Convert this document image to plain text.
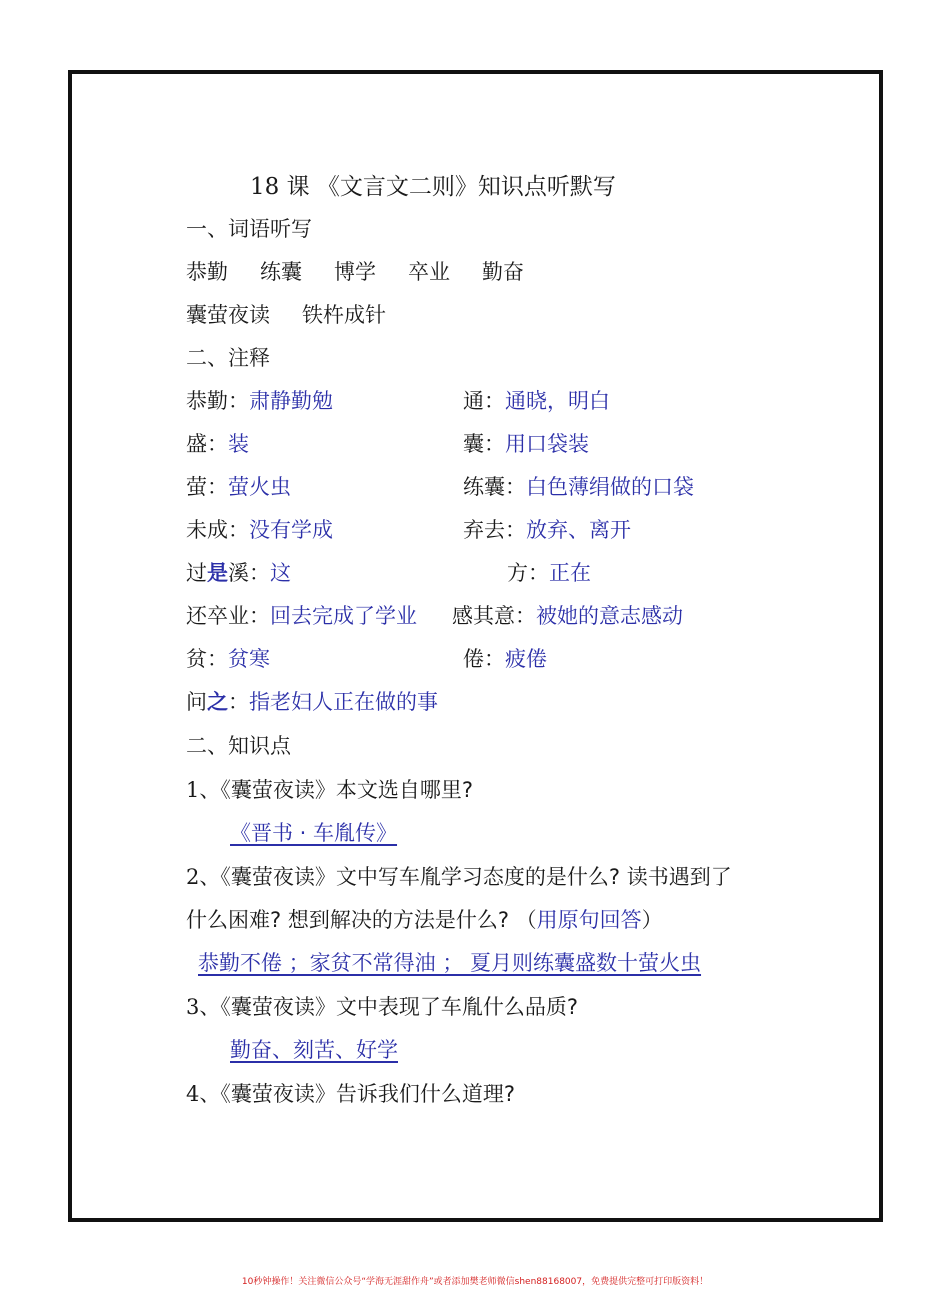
18 课 《文言文二则》知识点听默写
一、词语听写
恭勤 练囊 博学 卒业 勤奋
囊萤夜读 铁杵成针
二、注释
恭勤：肃静勤勉	通：通晓，明白
盛：装	囊：用口袋装
萤：萤火虫	练囊：白色薄绢做的口袋
未成：没有学成	弃去：放弃、离开
过是溪：这	方：正在
还卒业：回去完成了学业 感其意：被她的意志感动
贫：贫寒	倦：疲倦
问之：指老妇人正在做的事
二、知识点
1、《囊萤夜读》本文选自哪里?
《晋书 · 车胤传》
2、《囊萤夜读》文中写车胤学习态度的是什么? 读书遇到了
什么困难? 想到解决的方法是什么? （用原句回答）
恭勤不倦 ；家贫不常得油 ； 夏月则练囊盛数十萤火虫
3、《囊萤夜读》文中表现了车胤什么品质?
勤奋、刻苦、好学
4、《囊萤夜读》告诉我们什么道理?
10秒钟操作！关注微信公众号“学海无涯甜作舟”或者添加樊老师微信shen88168007，免费提供完整可打印版资料！
